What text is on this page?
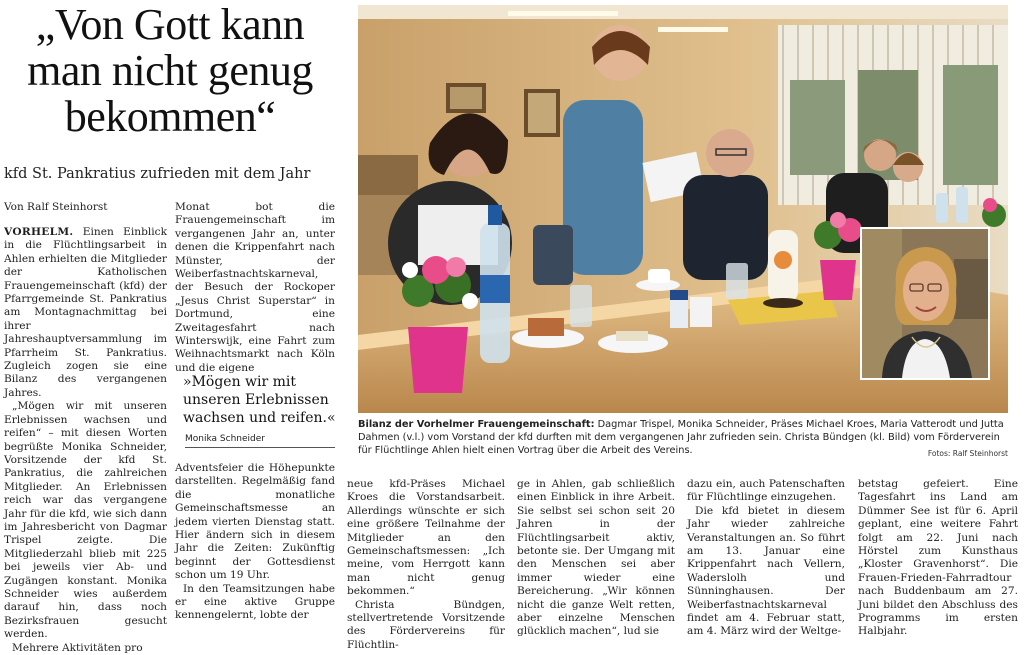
„Von Gott kann man nicht genug bekommen“
kfd St. Pankratius zufrieden mit dem Jahr
Von Ralf Steinhorst

VORHELM. Einen Einblick in die Flüchtlingsarbeit in Ahlen erhielten die Mitglieder der Katholischen Frauengemeinschaft (kfd) der Pfarrgemeinde St. Pankratius am Montagnachmittag bei ihrer Jahreshauptversammlung im Pfarrheim St. Pankratius. Zugleich zogen sie eine Bilanz des vergangenen Jahres.

„Mögen wir mit unseren Erlebnissen wachsen und reifen“ – mit diesen Worten begrüßte Monika Schneider, Vorsitzende der kfd St. Pankratius, die zahlreichen Mitglieder. An Erlebnissen reich war das vergangene Jahr für die kfd, wie sich dann im Jahresbericht von Dagmar Trispel zeigte. Die Mitgliederzahl blieb mit 225 bei jeweils vier Ab- und Zugängen konstant. Monika Schneider wies außerdem darauf hin, dass noch Bezirksfrauen gesucht werden.

Mehrere Aktivitäten pro

Monat bot die Frauengemeinschaft im vergangenen Jahr an, unter denen die Krippenfahrt nach Münster, der Weiberfastnachtskarneval, der Besuch der Rockoper „Jesus Christ Superstar“ in Dortmund, eine Zweitagesfahrt nach Winterswijk, eine Fahrt zum Weihnachtsmarkt nach Köln und die eigene

»Mögen wir mit unseren Erlebnissen wachsen und reifen.«
Monika Schneider

Adventsfeier die Höhepunkte darstellten. Regelmäßig fand die monatliche Gemeinschaftsmesse an jedem vierten Dienstag statt. Hier ändern sich in diesem Jahr die Zeiten: Zukünftig beginnt der Gottesdienst schon um 19 Uhr.

In den Teamsitzungen habe er eine aktive Gruppe kennengelernt, lobte der

Bilanz der Vorhelmer Frauengemeinschaft: Dagmar Trispel, Monika Schneider, Präses Michael Kroes, Maria Vatterodt und Jutta Dahmen (v.l.) vom Vorstand der kfd durften mit dem vergangenen Jahr zufrieden sein. Christa Bündgen (kl. Bild) vom Förderverein für Flüchtlinge Ahlen hielt einen Vortrag über die Arbeit des Vereins.	Fotos: Ralf Steinhorst

neue kfd-Präses Michael Kroes die Vorstandsarbeit. Allerdings wünschte er sich eine größere Teilnahme der Mitglieder an den Gemeinschaftsmessen: „Ich meine, vom Herrgott kann man nicht genug bekommen.“

Christa Bündgen, stellvertretende Vorsitzende des Fördervereins für Flüchtlin-

ge in Ahlen, gab schließlich einen Einblick in ihre Arbeit. Sie selbst sei schon seit 20 Jahren in der Flüchtlingsarbeit aktiv, betonte sie. Der Umgang mit den Menschen sei aber immer wieder eine Bereicherung. „Wir können nicht die ganze Welt retten, aber einzelne Menschen glücklich machen“, lud sie

dazu ein, auch Patenschaften für Flüchtlinge einzugehen.

Die kfd bietet in diesem Jahr wieder zahlreiche Veranstaltungen an. So führt am 13. Januar eine Krippenfahrt nach Vellern, Waderslolh und Sünninghausen. Der Weiberfastnachtskarneval findet am 4. Februar statt, am 4. März wird der Weltge-

betstag gefeiert. Eine Tagesfahrt ins Land am Dümmer See ist für 6. April geplant, eine weitere Fahrt folgt am 22. Juni nach Hörstel zum Kunsthaus „Kloster Gravenhorst“. Die Frauen-Frieden-Fahrradtour nach Buddenbaum am 27. Juni bildet den Abschluss des Programms im ersten Halbjahr.
